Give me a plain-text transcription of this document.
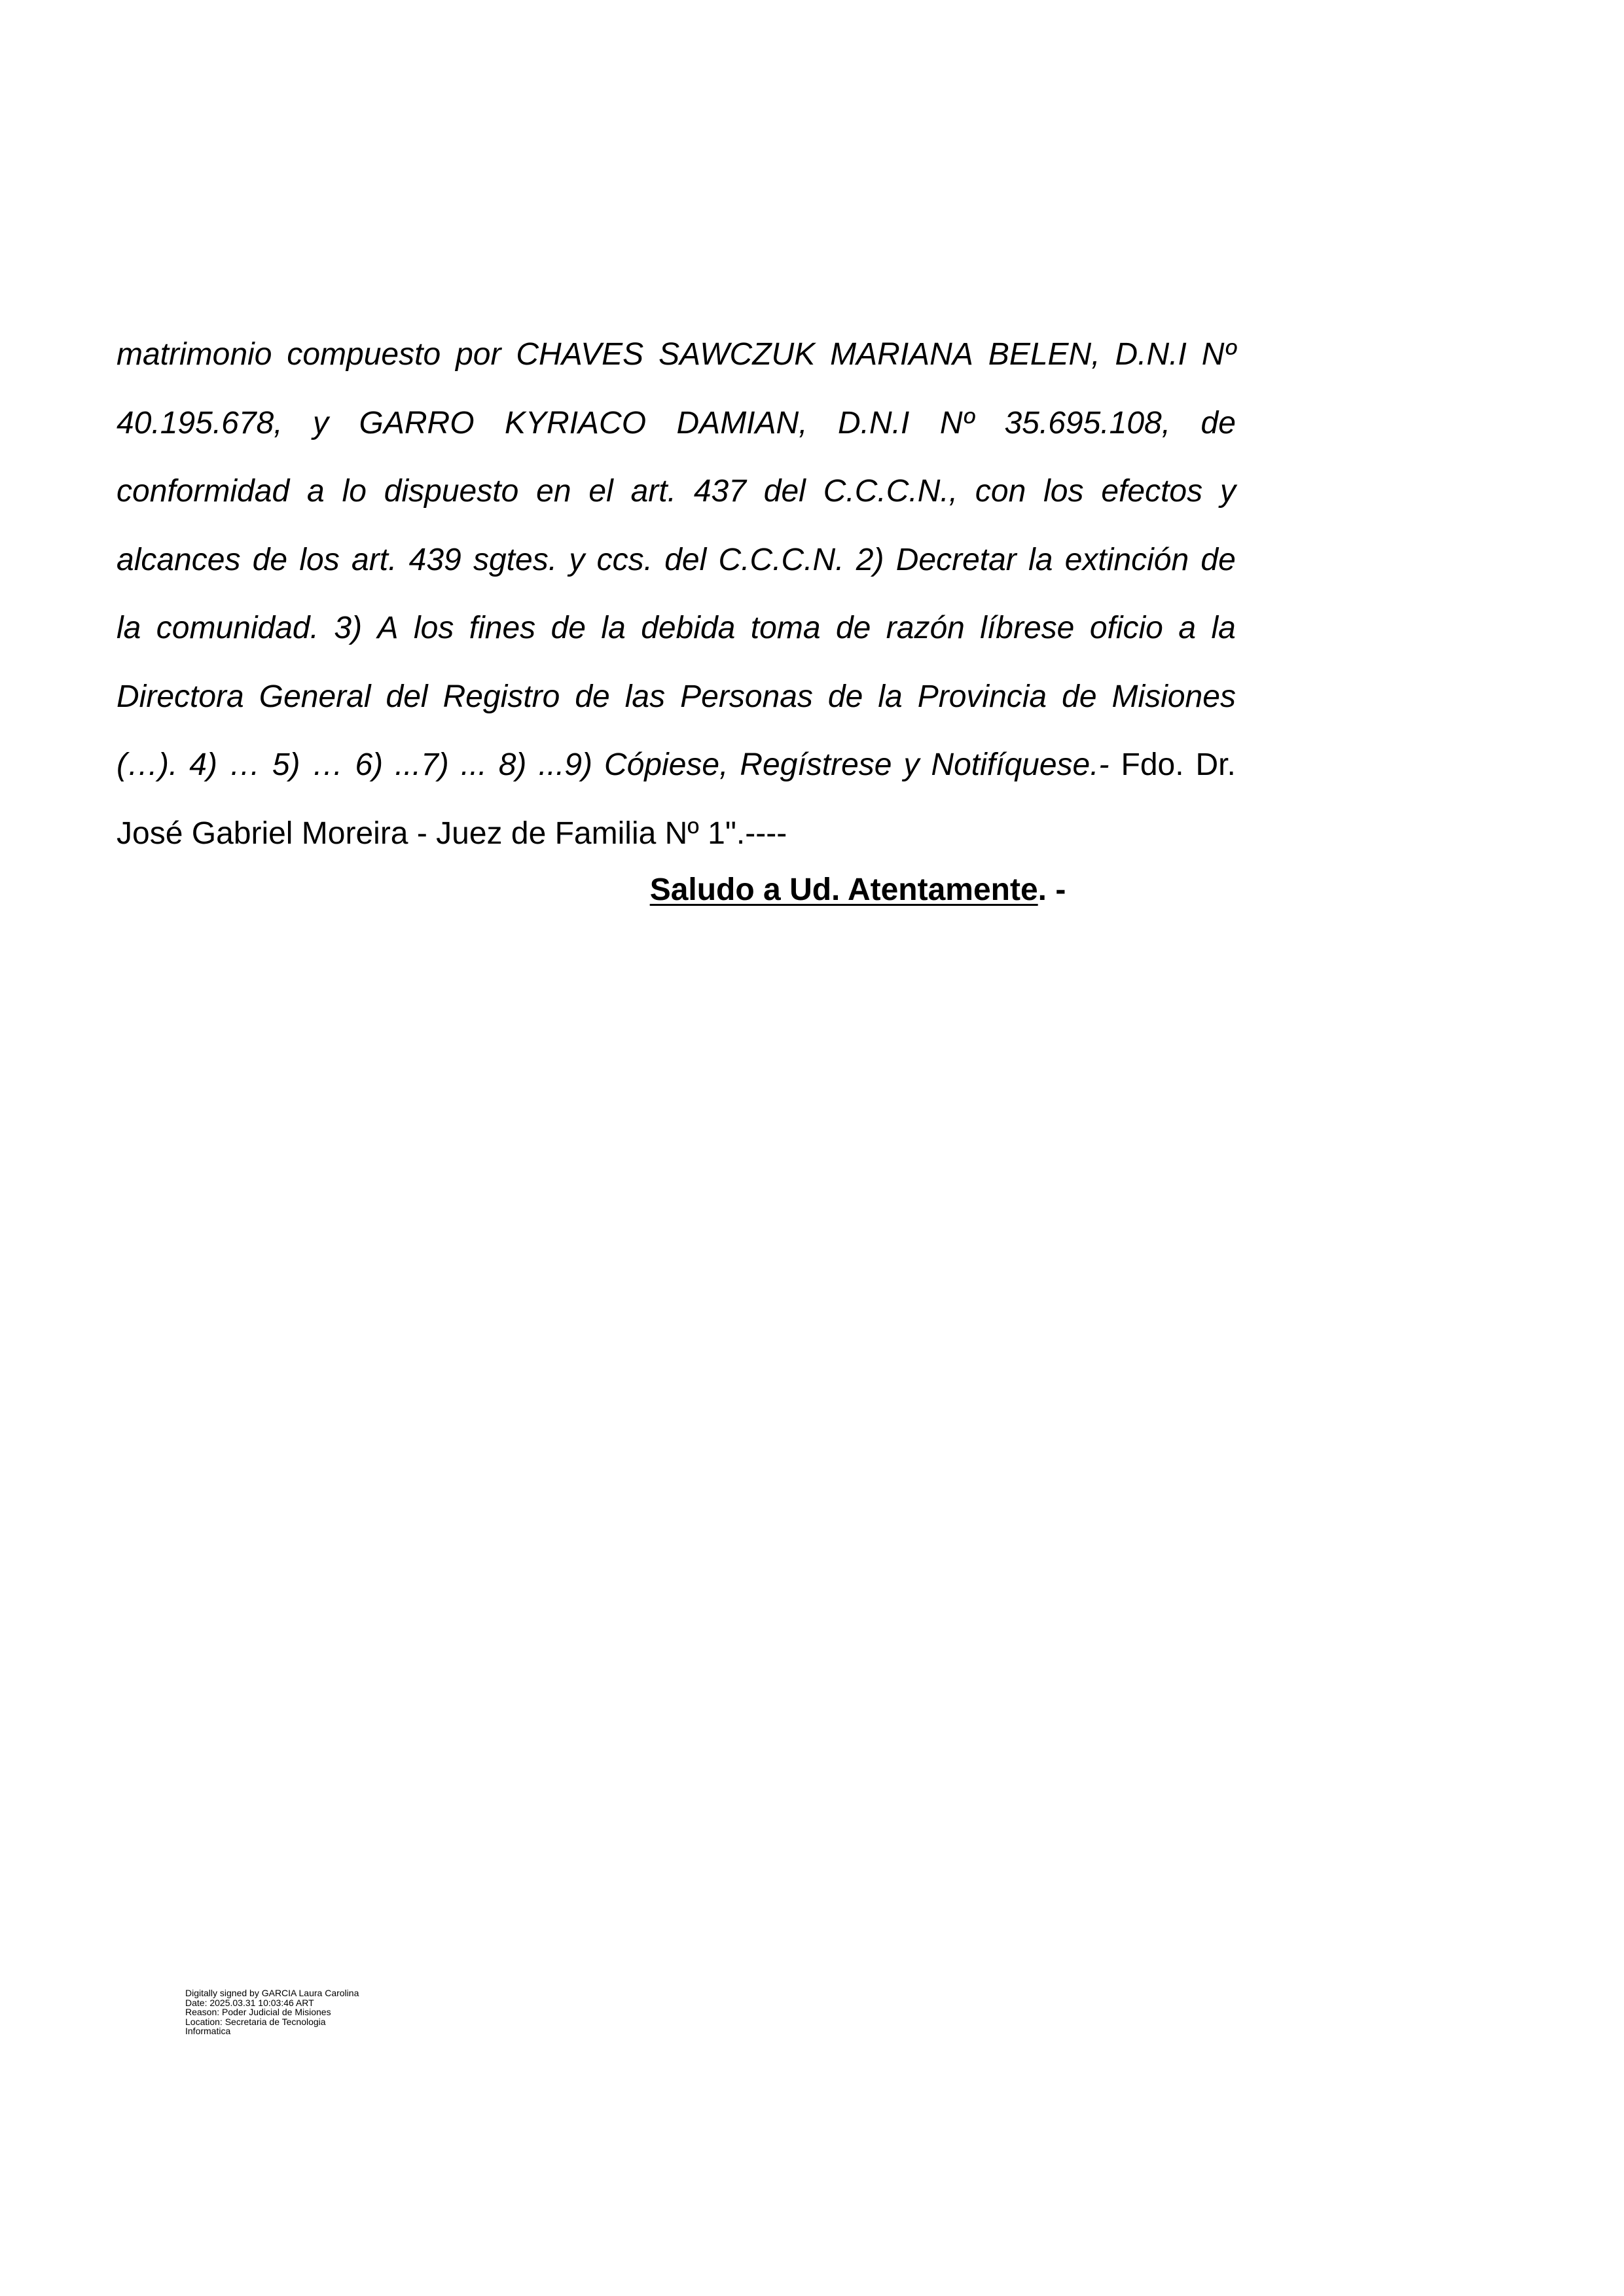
matrimonio compuesto por CHAVES SAWCZUK MARIANA BELEN, D.N.I Nº
40.195.678, y GARRO KYRIACO DAMIAN, D.N.I Nº 35.695.108, de
conformidad a lo dispuesto en el art. 437 del C.C.C.N., con los efectos y
alcances de los art. 439 sgtes. y ccs. del C.C.C.N. 2) Decretar la extinción de
la comunidad. 3) A los fines de la debida toma de razón líbrese oficio a la
Directora General del Registro de las Personas de la Provincia de Misiones
(…). 4) … 5) … 6) ...7) ... 8) ...9) Cópiese, Regístrese y Notifíquese.- Fdo. Dr.
José Gabriel Moreira - Juez de Familia Nº 1".----

Saludo a Ud. Atentamente. -

Digitally signed by GARCIA Laura Carolina
Date: 2025.03.31 10:03:46 ART
Reason: Poder Judicial de Misiones
Location: Secretaria de Tecnologia
Informatica
